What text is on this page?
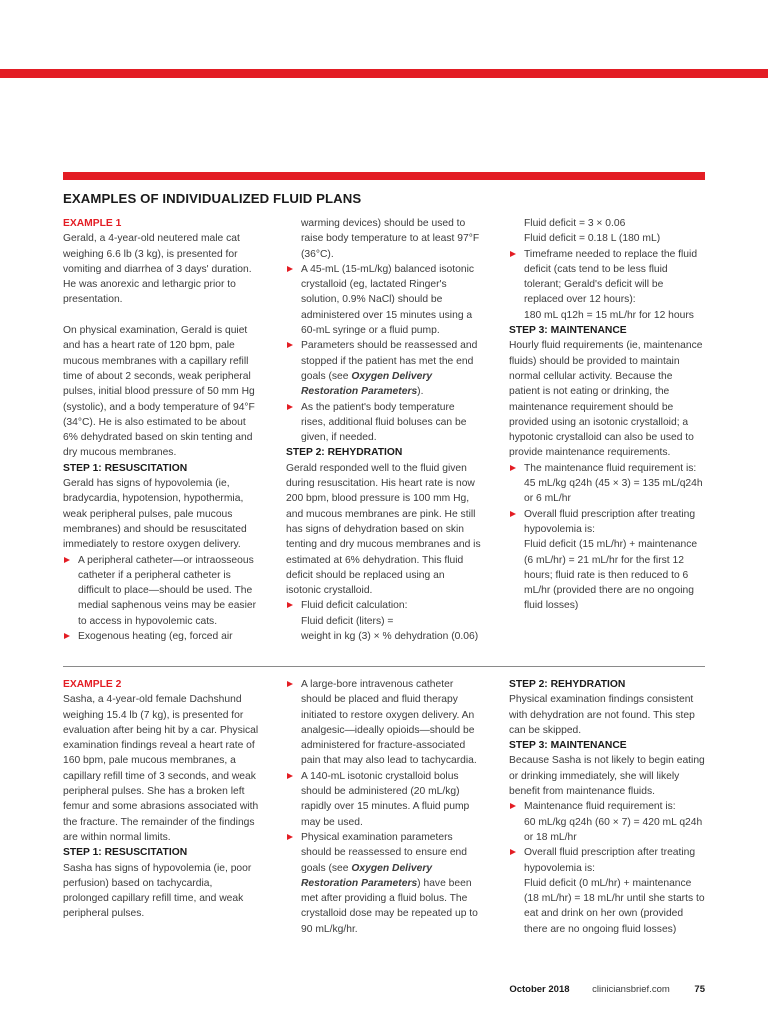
EXAMPLES OF INDIVIDUALIZED FLUID PLANS

EXAMPLE 1

Gerald, a 4-year-old neutered male cat weighing 6.6 lb (3 kg), is presented for vomiting and diarrhea of 3 days' duration. He was anorexic and lethargic prior to presentation.

On physical examination, Gerald is quiet and has a heart rate of 120 bpm, pale mucous membranes with a capillary refill time of about 2 seconds, weak peripheral pulses, initial blood pressure of 50 mm Hg (systolic), and a body temperature of 94°F (34°C). He is also estimated to be about 6% dehydrated based on skin tenting and dry mucous membranes.

STEP 1: RESUSCITATION

Gerald has signs of hypovolemia (ie, bradycardia, hypotension, hypothermia, weak peripheral pulses, pale mucous membranes) and should be resuscitated immediately to restore oxygen delivery.

A peripheral catheter—or intraosseous catheter if a peripheral catheter is difficult to place—should be used. The medial saphenous veins may be easier to access in hypovolemic cats.
Exogenous heating (eg, forced air
warming devices) should be used to raise body temperature to at least 97°F (36°C).
A 45-mL (15-mL/kg) balanced isotonic crystalloid (eg, lactated Ringer's solution, 0.9% NaCl) should be administered over 15 minutes using a 60-mL syringe or a fluid pump.
Parameters should be reassessed and stopped if the patient has met the end goals (see Oxygen Delivery Restoration Parameters).
As the patient's body temperature rises, additional fluid boluses can be given, if needed.

STEP 2: REHYDRATION

Gerald responded well to the fluid given during resuscitation. His heart rate is now 200 bpm, blood pressure is 100 mm Hg, and mucous membranes are pink. He still has signs of dehydration based on skin tenting and dry mucous membranes and is estimated at 6% dehydration. This fluid deficit should be replaced using an isotonic crystalloid.

Fluid deficit calculation:

Fluid deficit (liters) =

weight in kg (3) × % dehydration (0.06)

Fluid deficit = 3 × 0.06

Fluid deficit = 0.18 L (180 mL)

Timeframe needed to replace the fluid deficit (cats tend to be less fluid tolerant; Gerald's deficit will be replaced over 12 hours):

180 mL q12h = 15 mL/hr for 12 hours

STEP 3: MAINTENANCE

Hourly fluid requirements (ie, maintenance fluids) should be provided to maintain normal cellular activity. Because the patient is not eating or drinking, the maintenance requirement should be provided using an isotonic crystalloid; a hypotonic crystalloid can also be used to provide maintenance requirements.

The maintenance fluid requirement is:

45 mL/kg q24h (45 × 3) = 135 mL/q24h

or 6 mL/hr

Overall fluid prescription after treating hypovolemia is:

Fluid deficit (15 mL/hr) + maintenance (6 mL/hr) = 21 mL/hr for the first 12 hours; fluid rate is then reduced to 6 mL/hr (provided there are no ongoing fluid losses)

EXAMPLE 2

Sasha, a 4-year-old female Dachshund weighing 15.4 lb (7 kg), is presented for evaluation after being hit by a car. Physical examination findings reveal a heart rate of 160 bpm, pale mucous membranes, a capillary refill time of 3 seconds, and weak peripheral pulses. She has a broken left femur and some abrasions associated with the fracture. The remainder of the findings are within normal limits.

STEP 1: RESUSCITATION

Sasha has signs of hypovolemia (ie, poor perfusion) based on tachycardia, prolonged capillary refill time, and weak peripheral pulses.

A large-bore intravenous catheter should be placed and fluid therapy initiated to restore oxygen delivery. An analgesic—ideally opioids—should be administered for fracture-associated pain that may also lead to tachycardia.
A 140-mL isotonic crystalloid bolus should be administered (20 mL/kg) rapidly over 15 minutes. A fluid pump may be used.
Physical examination parameters should be reassessed to ensure end goals (see Oxygen Delivery Restoration Parameters) have been met after providing a fluid bolus. The crystalloid dose may be repeated up to 90 mL/kg/hr.

STEP 2: REHYDRATION

Physical examination findings consistent with dehydration are not found. This step can be skipped.

STEP 3: MAINTENANCE

Because Sasha is not likely to begin eating or drinking immediately, she will likely benefit from maintenance fluids.

Maintenance fluid requirement is:

60 mL/kg q24h (60 × 7) = 420 mL q24h

or 18 mL/hr

Overall fluid prescription after treating hypovolemia is:

Fluid deficit (0 mL/hr) + maintenance (18 mL/hr) = 18 mL/hr until she starts to eat and drink on her own (provided there are no ongoing fluid losses)

October 2018 cliniciansbrief.com	75
